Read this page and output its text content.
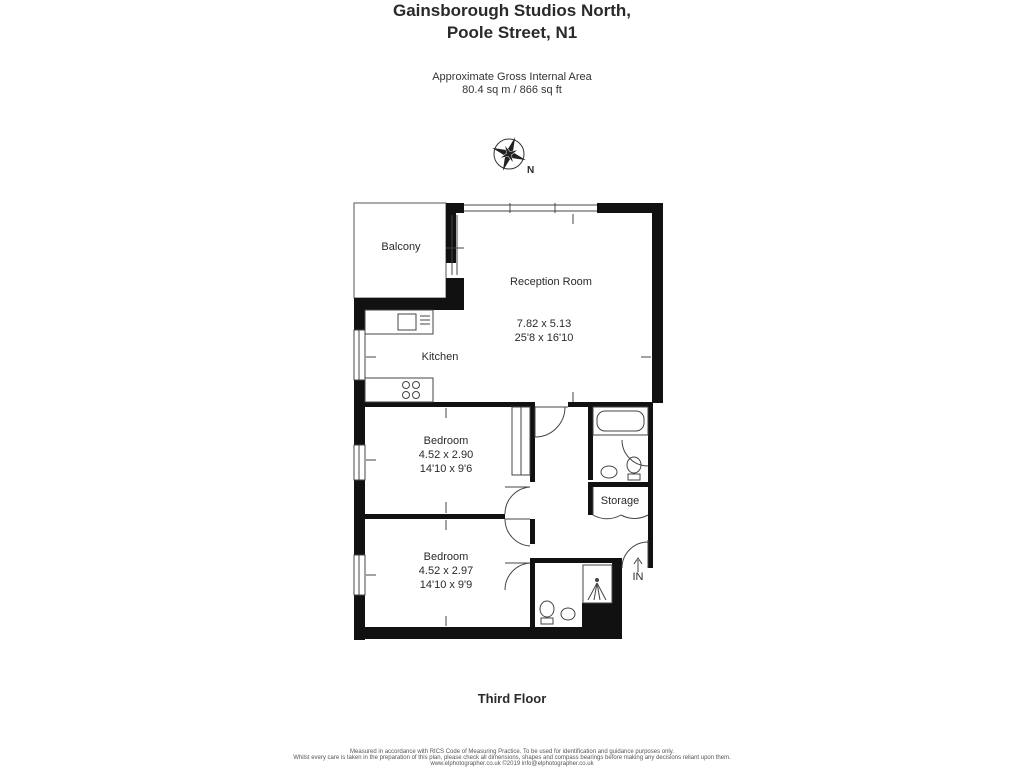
Gainsborough Studios North,
Poole Street, N1
Approximate Gross Internal Area
80.4 sq m / 866 sq ft
N
Balcony
Reception Room
7.82 x 5.13
25'8 x 16'10
Kitchen
Bedroom
4.52 x 2.90
14'10 x 9'6
Bedroom
4.52 x 2.97
14'10 x 9'9
Storage
IN
Third Floor
Measured in accordance with RICS Code of Measuring Practice. To be used for identification and guidance purposes only.
Whilst every care is taken in the preparation of this plan, please check all dimensions, shapes and compass bearings before making any decisions reliant upon them.
www.elphotographer.co.uk ©2019 info@elphotographer.co.uk
